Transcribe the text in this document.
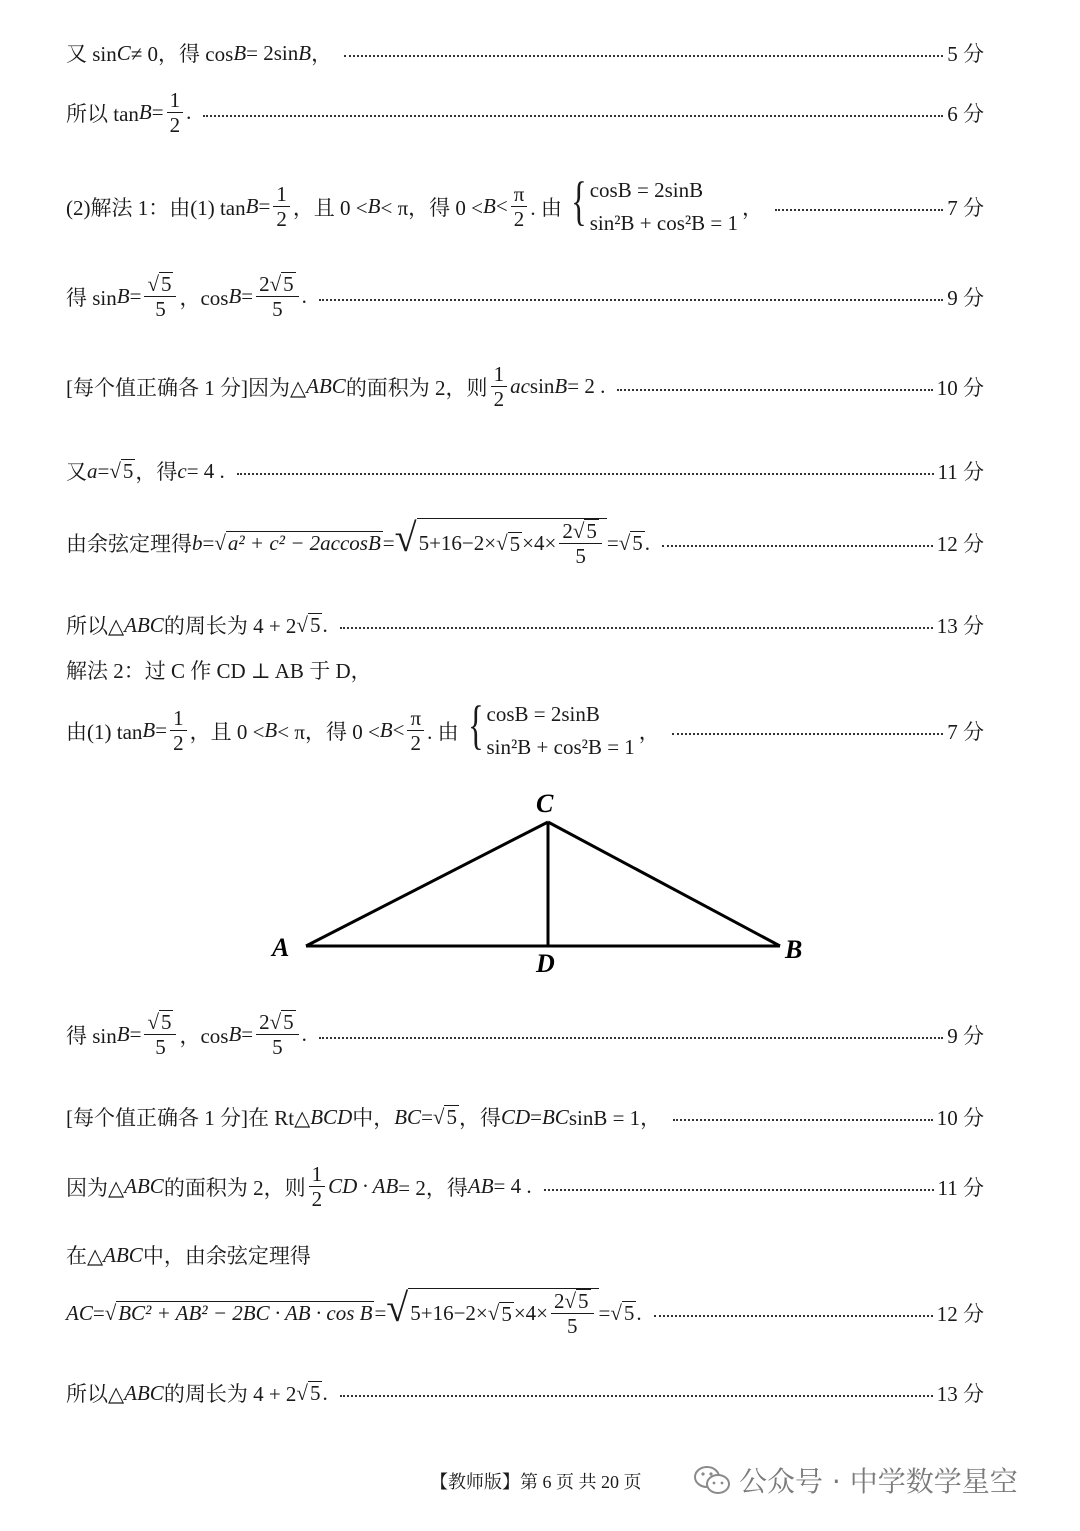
又 sin C ≠ 0，得 cos B = 2sin B ，	5 分
所以 $\tan B = \frac{1}{2}$ .	6 分
(2)解法 1：由(1) $\tan B = \frac{1}{2}$ ，且 0 < B < π，得 $0 < B < \frac{\pi}{2}$ . 由 { cosB = 2sinB
sin²B + cos²B = 1
，	7 分
得 $\sin B = \frac{√ 5}{5}$ ，$\cos B = \frac{2 √ 5}{5}$ .	9 分
[每个值正确各 1 分]因为△ ABC 的面积为 2，则 $\frac{1}{2}$ ac sin B = 2 .	10 分
又 a = √ 5 ，得 c = 4 .	11 分
由余弦定理得 b = √ a² + c² − 2accosB = √ 5+16−2× √ $5 \times 4\times \frac{2 √ 5}{5}$ = √ 5 .	12 分
所以△ ABC 的周长为 4 + 2 √ 5 .	13 分
解法 2：过 C 作 CD ⊥ AB 于 D，
由(1) $\tan B = \frac{1}{2}$ ，且 0 < B < π，得 $0 < B < \frac{\pi}{2}$ . 由 { cosB = 2sinB
sin²B + cos²B = 1
，	7 分
A	B
C
D
得 $\sin B = \frac{√ 5}{5}$ ，$\cos B = \frac{2 √ 5}{5}$ .	9 分
[每个值正确各 1 分]在 Rt△ BCD 中， BC = √ 5 ，得 CD = BC sinB = 1，	10 分
因为△ ABC 的面积为 2，则 $\frac{1}{2}$ CD · AB = 2，得 AB = 4 .	11 分
在△ ABC 中，由余弦定理得
AC = √ BC² + AB² − 2BC · AB · cos B = √ 5+16−2× √ $5 \times 4\times \frac{2 √ 5}{5}$ = √ 5 .	12 分
所以△ ABC 的周长为 4 + 2 √ 5 .	13 分
【教师版】第 6 页 共 20 页	公众号 · 中学数学星空
